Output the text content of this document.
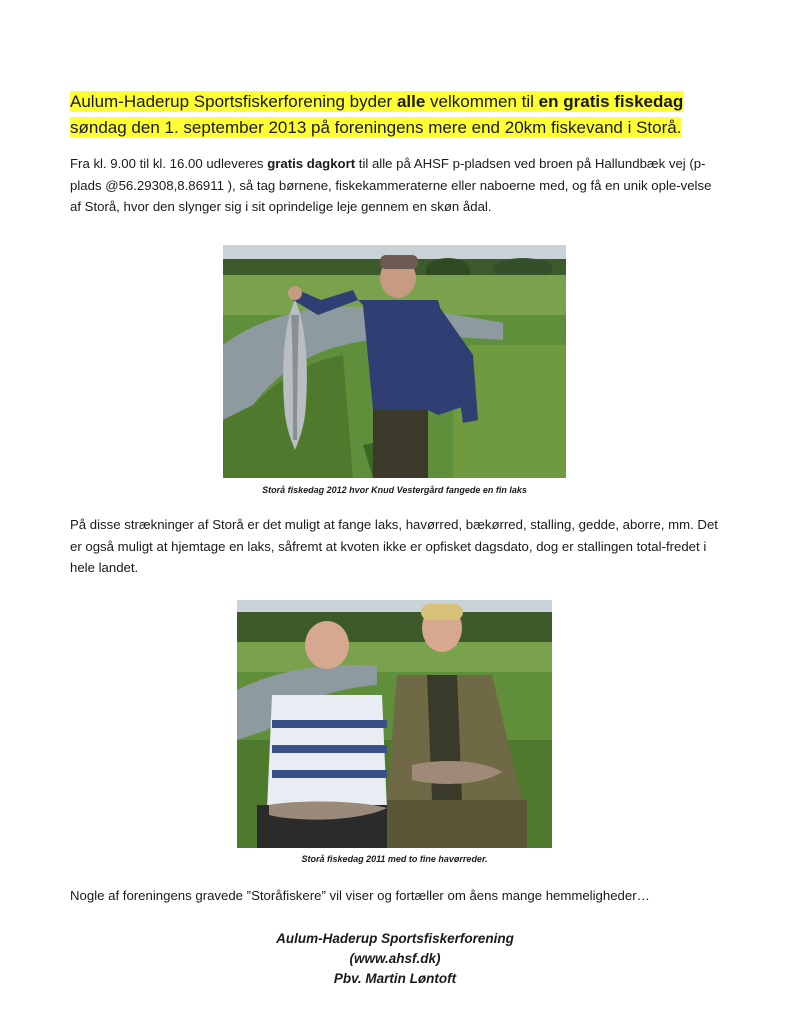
Aulum-Haderup Sportsfiskerforening byder alle velkommen til en gratis fiskedag
søndag den 1. september 2013 på foreningens mere end 20km fiskevand i Storå.
Fra kl. 9.00 til kl. 16.00 udleveres gratis dagkort til alle på AHSF p-pladsen ved broen på Hallundbæk vej (p-plads @56.29308,8.86911 ), så tag børnene, fiskekammeraterne eller naboerne med, og få en unik ople-velse af Storå, hvor den slynger sig i sit oprindelige leje gennem en skøn ådal.
Storå fiskedag 2012 hvor Knud Vestergård fangede en fin laks
På disse strækninger af Storå er det muligt at fange laks, havørred, bækørred, stalling, gedde, aborre, mm. Det er også muligt at hjemtage en laks, såfremt at kvoten ikke er opfisket dagsdato, dog er stallingen total-fredet i hele landet.
Storå fiskedag 2011 med to fine havørreder.
Nogle af foreningens gravede ”Storåfiskere” vil viser og fortæller om åens mange hemmeligheder…
Aulum-Haderup Sportsfiskerforening
(www.ahsf.dk)
Pbv. Martin Løntoft
